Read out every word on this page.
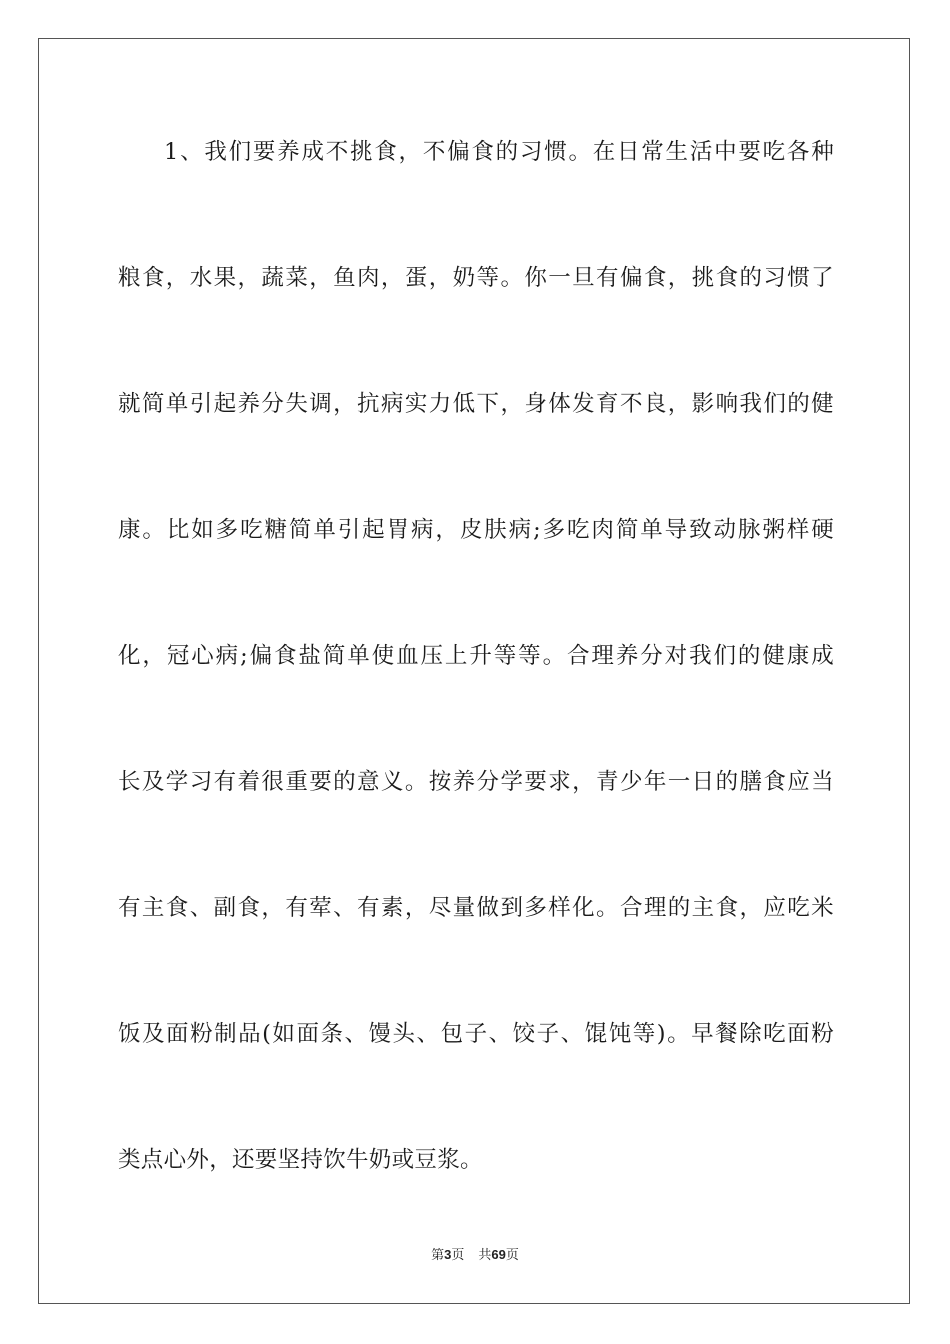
1、我们要养成不挑食，不偏食的习惯。在日常生活中要吃各种
粮食，水果，蔬菜，鱼肉，蛋，奶等。你一旦有偏食，挑食的习惯了
就简单引起养分失调，抗病实力低下，身体发育不良，影响我们的健
康。比如多吃糖简单引起胃病，皮肤病;多吃肉简单导致动脉粥样硬
化，冠心病;偏食盐简单使血压上升等等。合理养分对我们的健康成
长及学习有着很重要的意义。按养分学要求，青少年一日的膳食应当
有主食、副食，有荤、有素，尽量做到多样化。合理的主食，应吃米
饭及面粉制品(如面条、馒头、包子、饺子、馄饨等)。早餐除吃面粉
类点心外，还要坚持饮牛奶或豆浆。
第3页 共69页
